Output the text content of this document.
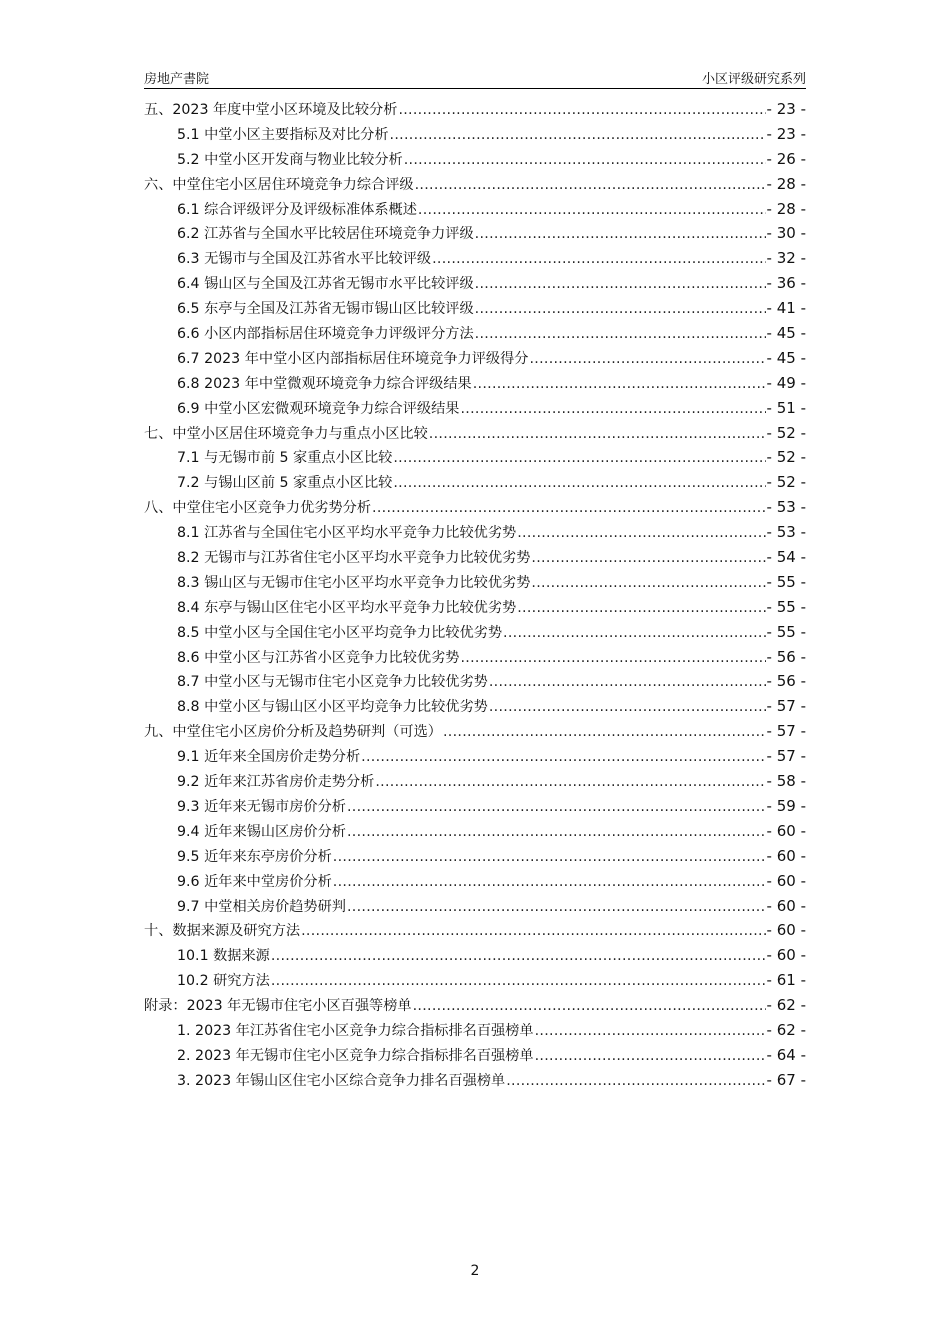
房地产書院	小区评级研究系列
五、2023 年度中堂小区环境及比较分析 .....	- 23 -
5.1 中堂小区主要指标及对比分析 .....	- 23 -
5.2 中堂小区开发商与物业比较分析 .....	- 26 -
六、中堂住宅小区居住环境竞争力综合评级 .....	- 28 -
6.1 综合评级评分及评级标准体系概述 .....	- 28 -
6.2 江苏省与全国水平比较居住环境竞争力评级 .....	- 30 -
6.3 无锡市与全国及江苏省水平比较评级 .....	- 32 -
6.4 锡山区与全国及江苏省无锡市水平比较评级 .....	- 36 -
6.5 东亭与全国及江苏省无锡市锡山区比较评级 .....	- 41 -
6.6 小区内部指标居住环境竞争力评级评分方法 .....	- 45 -
6.7 2023 年中堂小区内部指标居住环境竞争力评级得分 .....	- 45 -
6.8 2023 年中堂微观环境竞争力综合评级结果 .....	- 49 -
6.9 中堂小区宏微观环境竞争力综合评级结果 .....	- 51 -
七、中堂小区居住环境竞争力与重点小区比较 .....	- 52 -
7.1 与无锡市前 5 家重点小区比较 .....	- 52 -
7.2 与锡山区前 5 家重点小区比较 .....	- 52 -
八、中堂住宅小区竞争力优劣势分析 .....	- 53 -
8.1 江苏省与全国住宅小区平均水平竞争力比较优劣势 .....	- 53 -
8.2 无锡市与江苏省住宅小区平均水平竞争力比较优劣势 .....	- 54 -
8.3 锡山区与无锡市住宅小区平均水平竞争力比较优劣势 .....	- 55 -
8.4 东亭与锡山区住宅小区平均水平竞争力比较优劣势 .....	- 55 -
8.5 中堂小区与全国住宅小区平均竞争力比较优劣势 .....	- 55 -
8.6 中堂小区与江苏省小区竞争力比较优劣势 .....	- 56 -
8.7 中堂小区与无锡市住宅小区竞争力比较优劣势 .....	- 56 -
8.8 中堂小区与锡山区小区平均竞争力比较优劣势 .....	- 57 -
九、中堂住宅小区房价分析及趋势研判（可选） .....	- 57 -
9.1 近年来全国房价走势分析 .....	- 57 -
9.2 近年来江苏省房价走势分析 .....	- 58 -
9.3 近年来无锡市房价分析 .....	- 59 -
9.4 近年来锡山区房价分析 .....	- 60 -
9.5 近年来东亭房价分析 .....	- 60 -
9.6 近年来中堂房价分析 .....	- 60 -
9.7 中堂相关房价趋势研判 .....	- 60 -
十、数据来源及研究方法 .....	- 60 -
10.1 数据来源 .....	- 60 -
10.2 研究方法 .....	- 61 -
附录：2023 年无锡市住宅小区百强等榜单 .....	- 62 -
1. 2023 年江苏省住宅小区竞争力综合指标排名百强榜单 .....	- 62 -
2. 2023 年无锡市住宅小区竞争力综合指标排名百强榜单 .....	- 64 -
3. 2023 年锡山区住宅小区综合竞争力排名百强榜单 .....	- 67 -
2
